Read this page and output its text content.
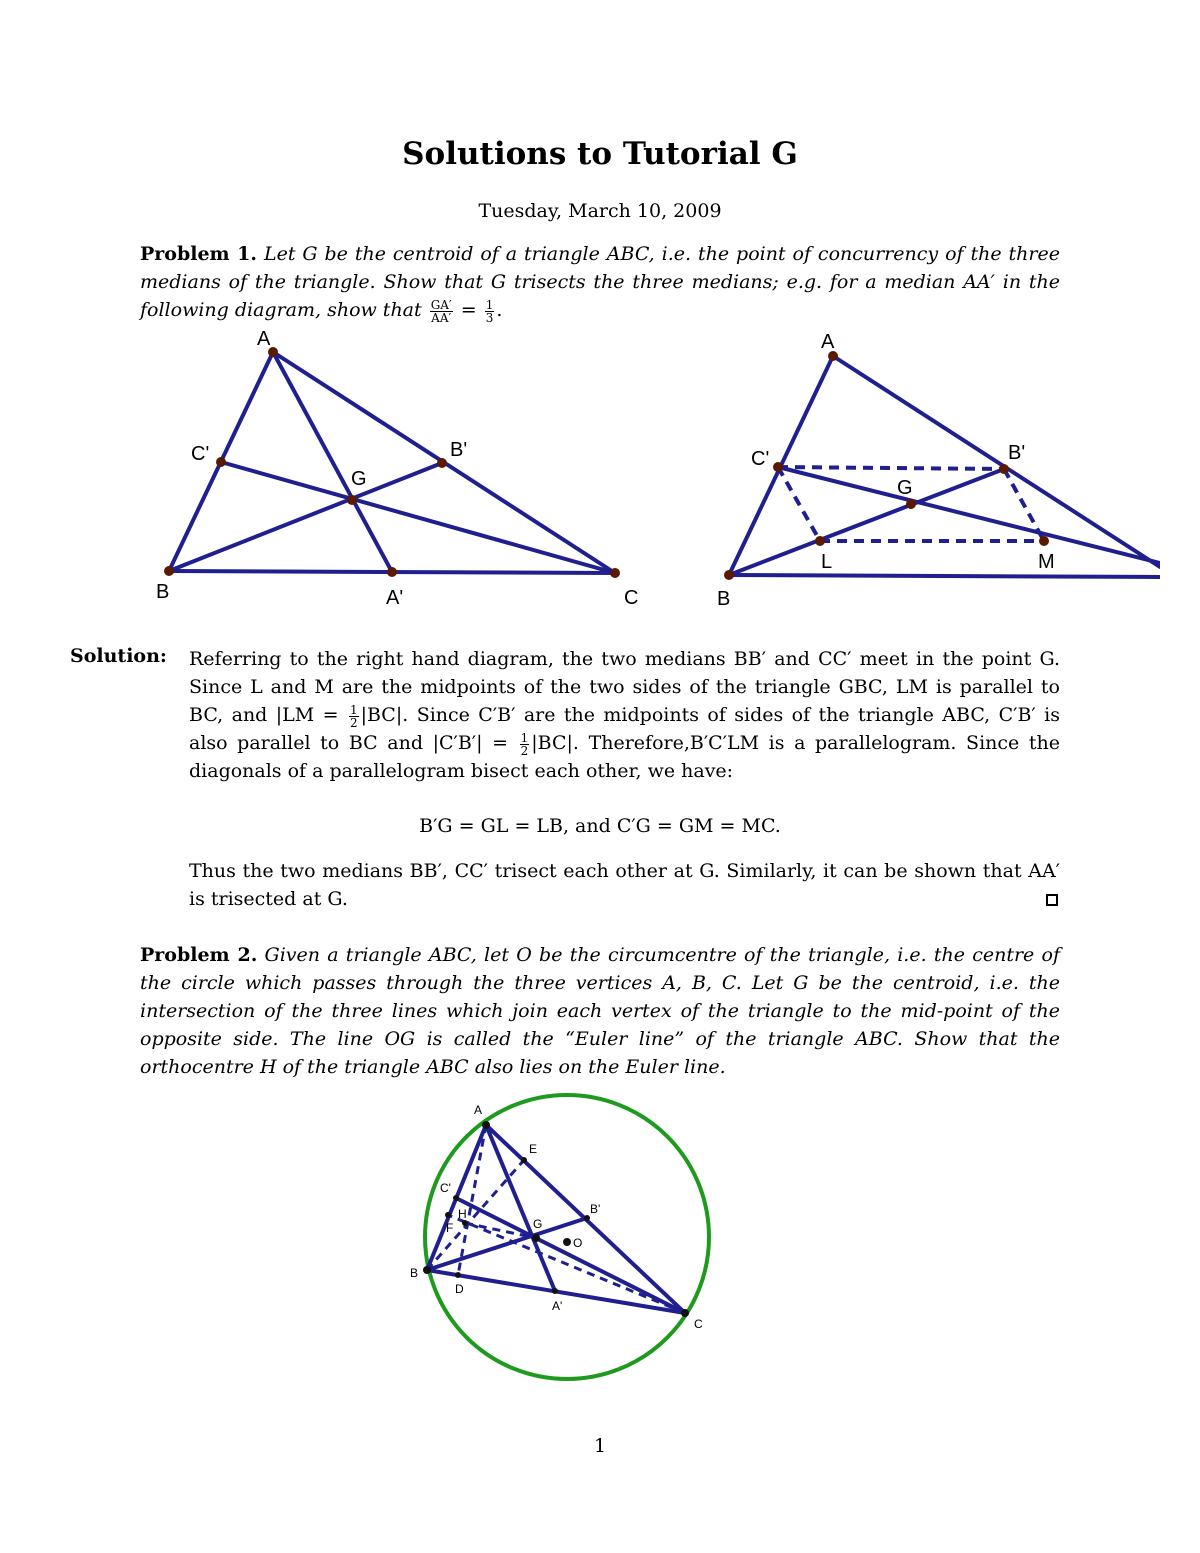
Solutions to Tutorial G
Tuesday, March 10, 2009
Problem 1. Let G be the centroid of a triangle ABC, i.e. the point of concurrency of the three medians of the triangle. Show that G trisects the three medians; e.g. for a median AA′ in the following diagram, show that $\frac{GA'}{AA'} = \frac{1}{3}$ .
A
B	C
A'
B'
C'
G
A
B
B'
C'
G
L	M
Solution: Referring to the right hand diagram, the two medians BB′ and CC′ meet in the point G. Since L and M are the midpoints of the two sides of the triangle GBC, LM is parallel to BC, and $|LM = \frac{1}{2} |BC|$. Since C′B′ are the midpoints of sides of the triangle ABC, C′B′ is also parallel to BC and $|C'B'| = \frac{1}{2} |BC|$. Therefore,B′C′LM is a parallelogram. Since the diagonals of a parallelogram bisect each other, we have:
B′G = GL = LB, and C′G = GM = MC.
Thus the two medians BB′, CC′ trisect each other at G. Similarly, it can be shown that AA′ is trisected at G.
Problem 2. Given a triangle ABC, let O be the circumcentre of the triangle, i.e. the centre of the circle which passes through the three vertices A, B, C. Let G be the centroid, i.e. the intersection of the three lines which join each vertex of the triangle to the mid-point of the opposite side. The line OG is called the “Euler line” of the triangle ABC. Show that the orthocentre H of the triangle ABC also lies on the Euler line.
A
B
C
D
E
F	G
H
O
A'
B'
C'
1
